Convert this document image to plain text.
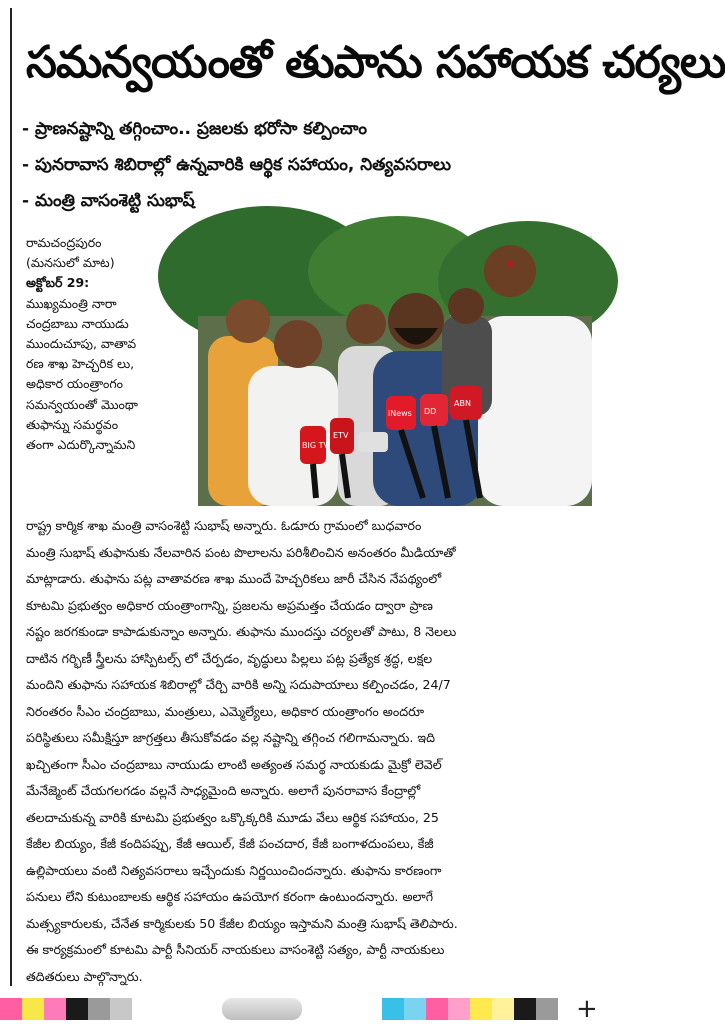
సమన్వయంతో తుపాను సహాయక చర్యలు
- ప్రాణనష్టాన్ని తగ్గించాం.. ప్రజలకు భరోసా కల్పించాం
- పునరావాస శిబిరాల్లో ఉన్నవారికి ఆర్థిక సహాయం, నిత్యవసరాలు
- మంత్రి వాసంశెట్టి సుభాష్
రామచంద్రపురం
(మనసులో మాట)
అక్టోబర్ 29:
ముఖ్యమంత్రి నారా
చంద్రబాబు నాయుడు
ముందుచూపు, వాతావ
రణ శాఖ హెచ్చరిక లు,
అధికార యంత్రాంగం
సమన్వయంతో మొంథా
తుఫాన్ను సమర్థవం
తంగా ఎదుర్కొన్నామని	BIG TV
ETV
iNews DD
ABN
రాష్ట్ర కార్మిక శాఖ మంత్రి వాసంశెట్టి సుభాష్ అన్నారు. ఓడూరు గ్రామంలో బుధవారం
మంత్రి సుభాష్ తుఫానుకు నేలవారిన పంట పొలాలను పరిశీలించిన అనంతరం మీడియాతో
మాట్లాడారు. తుఫాను పట్ల వాతావరణ శాఖ ముందే హెచ్చరికలు జారీ చేసిన నేపథ్యంలో
కూటమి ప్రభుత్వం అధికార యంత్రాంగాన్ని, ప్రజలను అప్రమత్తం చేయడం ద్వారా ప్రాణ
నష్టం జరగకుండా కాపాడుకున్నాం అన్నారు. తుఫాను ముందస్తు చర్యలతో పాటు, 8 నెలలు
దాటిన గర్భిణీ స్త్రీలను హాస్పిటల్స్ లో చేర్పడం, వృద్ధులు పిల్లలు పట్ల ప్రత్యేక శ్రద్ధ, లక్షల
మందిని తుఫాను సహాయక శిబిరాల్లో చేర్చి వారికి అన్ని సదుపాయాలు కల్పించడం, 24/7
నిరంతరం సీఎం చంద్రబాబు, మంత్రులు, ఎమ్మెల్యేలు, అధికార యంత్రాంగం అందరూ
పరిస్థితులు సమీక్షిస్తూ జాగ్రత్తలు తీసుకోవడం వల్ల నష్టాన్ని తగ్గించ గలిగామన్నారు. ఇది
ఖచ్చితంగా సీఎం చంద్రబాబు నాయుడు లాంటి అత్యంత సమర్థ నాయకుడు మైక్రో లెవెల్
మేనేజ్మెంట్ చేయగలగడం వల్లనే సాధ్యమైంది అన్నారు. అలాగే పునరావాస కేంద్రాల్లో
తలదాచుకున్న వారికి కూటమి ప్రభుత్వం ఒక్కొక్కరికి మూడు వేలు ఆర్థిక సహాయం, 25
కేజీల బియ్యం, కేజీ కందిపప్పు, కేజీ ఆయిల్, కేజీ పంచదార, కేజీ బంగాళదుంపలు, కేజీ
ఉల్లిపాయలు వంటి నిత్యవసరాలు ఇచ్చేందుకు నిర్ణయించిందన్నారు. తుఫాను కారణంగా
పనులు లేని కుటుంబాలకు ఆర్థిక సహాయం ఉపయోగ కరంగా ఉంటుందన్నారు. అలాగే
మత్స్యకారులకు, చేనేత కార్మికులకు 50 కేజీల బియ్యం ఇస్తామని మంత్రి సుభాష్ తెలిపారు.
ఈ కార్యక్రమంలో కూటమి పార్టీ సీనియర్ నాయకులు వాసంశెట్టి సత్యం, పార్టీ నాయకులు
తదితరులు పాల్గొన్నారు.
+
